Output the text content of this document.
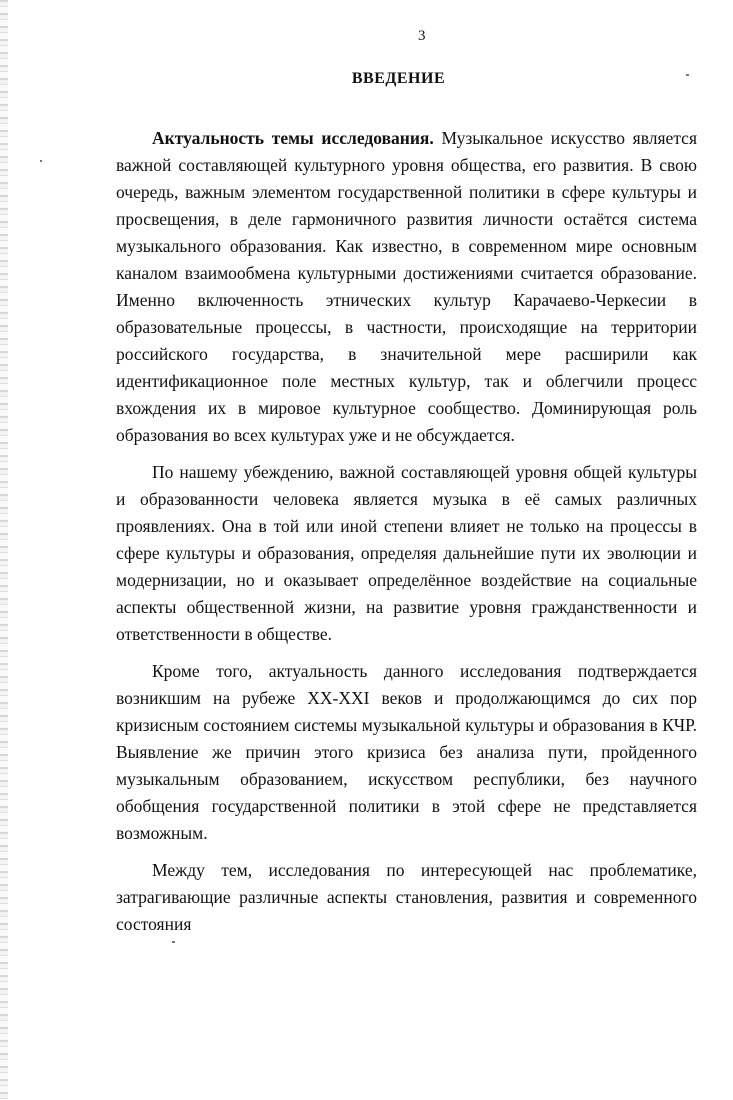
3
ВВЕДЕНИЕ

Актуальность темы исследования. Музыкальное искусство является важной составляющей культурного уровня общества, его развития. В свою очередь, важным элементом государственной политики в сфере культуры и просвещения, в деле гармоничного развития личности остаётся система музыкального образования. Как известно, в современном мире основным каналом взаимообмена культурными достижениями считается образование. Именно включенность этнических культур Карачаево-Черкесии в образовательные процессы, в частности, происходящие на территории российского государства, в значительной мере расширили как идентификационное поле местных культур, так и облегчили процесс вхождения их в мировое культурное сообщество. Доминирующая роль образования во всех культурах уже и не обсуждается.

По нашему убеждению, важной составляющей уровня общей культуры и образованности человека является музыка в её самых различных проявлениях. Она в той или иной степени влияет не только на процессы в сфере культуры и образования, определяя дальнейшие пути их эволюции и модернизации, но и оказывает определённое воздействие на социальные аспекты общественной жизни, на развитие уровня гражданственности и ответственности в обществе.

Кроме того, актуальность данного исследования подтверждается возникшим на рубеже XX-XXI веков и продолжающимся до сих пор кризисным состоянием системы музыкальной культуры и образования в КЧР. Выявление же причин этого кризиса без анализа пути, пройденного музыкальным образованием, искусством республики, без научного обобщения государственной политики в этой сфере не представляется возможным.

Между тем, исследования по интересующей нас проблематике, затрагивающие различные аспекты становления, развития и современного состояния
